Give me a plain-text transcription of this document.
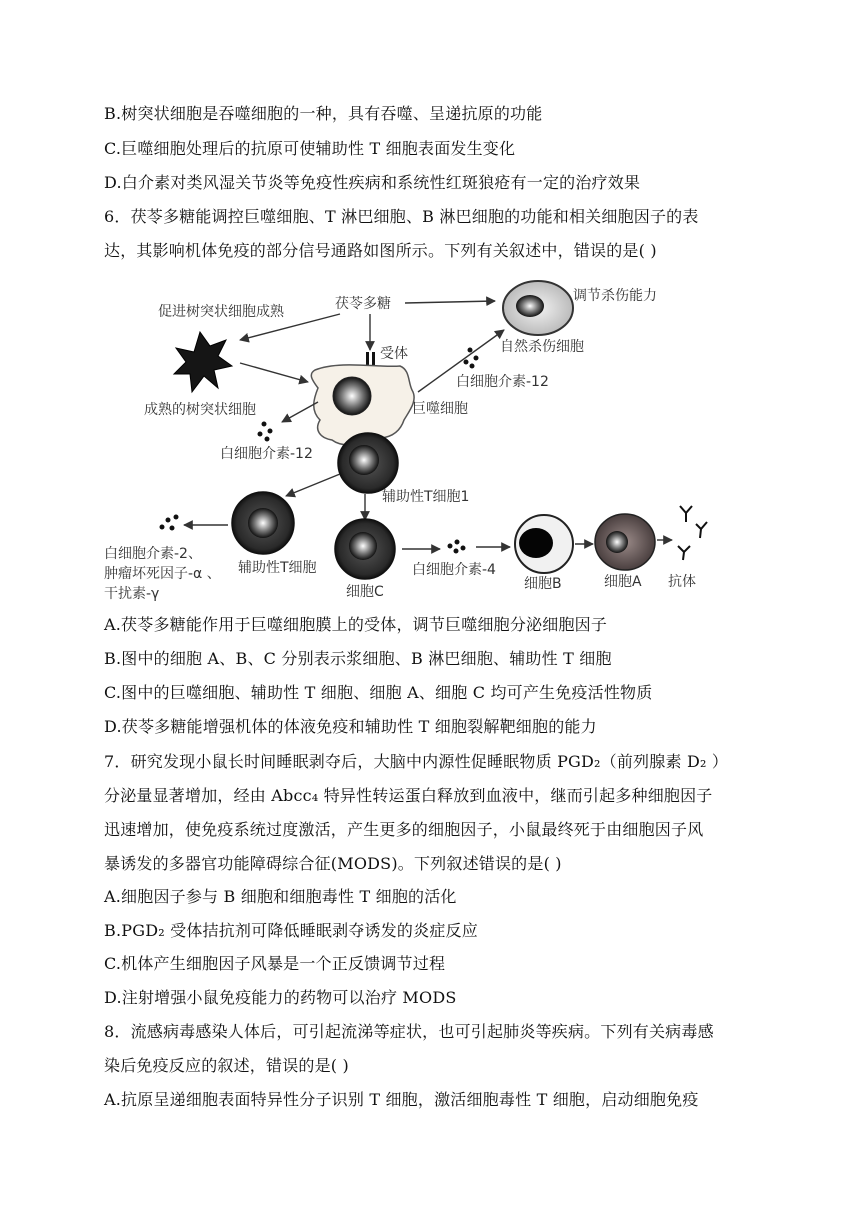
B.树突状细胞是吞噬细胞的一种，具有吞噬、呈递抗原的功能
C.巨噬细胞处理后的抗原可使辅助性 T 细胞表面发生变化
D.白介素对类风湿关节炎等免疫性疾病和系统性红斑狼疮有一定的治疗效果
6．茯苓多糖能调控巨噬细胞、T 淋巴细胞、B 淋巴细胞的功能和相关细胞因子的表
达，其影响机体免疫的部分信号通路如图所示。下列有关叙述中，错误的是( )
茯苓多糖
促进树突状细胞成熟
调节杀伤能力
自然杀伤细胞
白细胞介素-12
受体
巨噬细胞
成熟的树突状细胞
白细胞介素-12
辅助性T细胞1
辅助性T细胞
白细胞介素-2、
肿瘤坏死因子-α 、
干扰素-γ	细胞C
白细胞介素-4
细胞B	细胞A 抗体
A.茯苓多糖能作用于巨噬细胞膜上的受体，调节巨噬细胞分泌细胞因子
B.图中的细胞 A、B、C 分别表示浆细胞、B 淋巴细胞、辅助性 T 细胞
C.图中的巨噬细胞、辅助性 T 细胞、细胞 A、细胞 C 均可产生免疫活性物质
D.茯苓多糖能增强机体的体液免疫和辅助性 T 细胞裂解靶细胞的能力
7．研究发现小鼠长时间睡眠剥夺后，大脑中内源性促睡眠物质 PGD₂（前列腺素 D₂ ）
分泌量显著增加，经由 Abcc₄ 特异性转运蛋白释放到血液中，继而引起多种细胞因子
迅速增加，使免疫系统过度激活，产生更多的细胞因子，小鼠最终死于由细胞因子风
暴诱发的多器官功能障碍综合征(MODS)。下列叙述错误的是( )
A.细胞因子参与 B 细胞和细胞毒性 T 细胞的活化
B.PGD₂ 受体拮抗剂可降低睡眠剥夺诱发的炎症反应
C.机体产生细胞因子风暴是一个正反馈调节过程
D.注射增强小鼠免疫能力的药物可以治疗 MODS
8．流感病毒感染人体后，可引起流涕等症状，也可引起肺炎等疾病。下列有关病毒感
染后免疫反应的叙述，错误的是( )
A.抗原呈递细胞表面特异性分子识别 T 细胞，激活细胞毒性 T 细胞，启动细胞免疫
